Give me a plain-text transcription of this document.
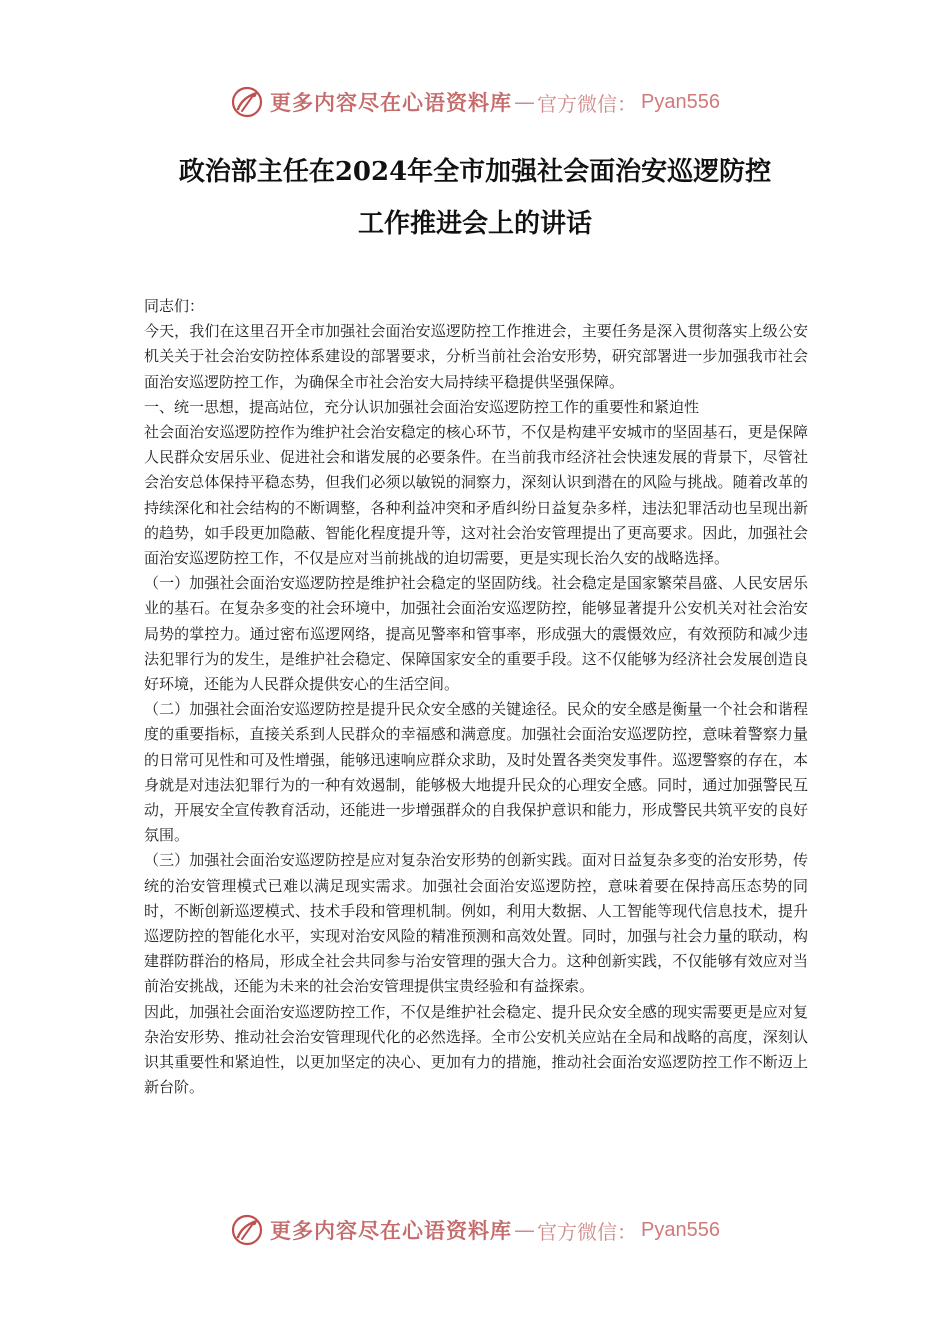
更多内容尽在心语资料库 — 官方微信： Pyan556
政治部主任在2024年全市加强社会面治安巡逻防控
工作推进会上的讲话

同志们：

今天，我们在这里召开全市加强社会面治安巡逻防控工作推进会，主要任务是深入贯彻落实上级公安机关关于社会治安防控体系建设的部署要求，分析当前社会治安形势，研究部署进一步加强我市社会面治安巡逻防控工作，为确保全市社会治安大局持续平稳提供坚强保障。

一、统一思想，提高站位，充分认识加强社会面治安巡逻防控工作的重要性和紧迫性

社会面治安巡逻防控作为维护社会治安稳定的核心环节，不仅是构建平安城市的坚固基石，更是保障人民群众安居乐业、促进社会和谐发展的必要条件。在当前我市经济社会快速发展的背景下，尽管社会治安总体保持平稳态势，但我们必须以敏锐的洞察力，深刻认识到潜在的风险与挑战。随着改革的持续深化和社会结构的不断调整，各种利益冲突和矛盾纠纷日益复杂多样，违法犯罪活动也呈现出新的趋势，如手段更加隐蔽、智能化程度提升等，这对社会治安管理提出了更高要求。因此，加强社会面治安巡逻防控工作，不仅是应对当前挑战的迫切需要，更是实现长治久安的战略选择。

（一）加强社会面治安巡逻防控是维护社会稳定的坚固防线。社会稳定是国家繁荣昌盛、人民安居乐业的基石。在复杂多变的社会环境中，加强社会面治安巡逻防控，能够显著提升公安机关对社会治安局势的掌控力。通过密布巡逻网络，提高见警率和管事率，形成强大的震慑效应，有效预防和减少违法犯罪行为的发生，是维护社会稳定、保障国家安全的重要手段。这不仅能够为经济社会发展创造良好环境，还能为人民群众提供安心的生活空间。

（二）加强社会面治安巡逻防控是提升民众安全感的关键途径。民众的安全感是衡量一个社会和谐程度的重要指标，直接关系到人民群众的幸福感和满意度。加强社会面治安巡逻防控，意味着警察力量的日常可见性和可及性增强，能够迅速响应群众求助，及时处置各类突发事件。巡逻警察的存在，本身就是对违法犯罪行为的一种有效遏制，能够极大地提升民众的心理安全感。同时，通过加强警民互动，开展安全宣传教育活动，还能进一步增强群众的自我保护意识和能力，形成警民共筑平安的良好氛围。

（三）加强社会面治安巡逻防控是应对复杂治安形势的创新实践。面对日益复杂多变的治安形势，传统的治安管理模式已难以满足现实需求。加强社会面治安巡逻防控，意味着要在保持高压态势的同时，不断创新巡逻模式、技术手段和管理机制。例如，利用大数据、人工智能等现代信息技术，提升巡逻防控的智能化水平，实现对治安风险的精准预测和高效处置。同时，加强与社会力量的联动，构建群防群治的格局，形成全社会共同参与治安管理的强大合力。这种创新实践，不仅能够有效应对当前治安挑战，还能为未来的社会治安管理提供宝贵经验和有益探索。

因此，加强社会面治安巡逻防控工作，不仅是维护社会稳定、提升民众安全感的现实需要更是应对复杂治安形势、推动社会治安管理现代化的必然选择。全市公安机关应站在全局和战略的高度，深刻认识其重要性和紧迫性，以更加坚定的决心、更加有力的措施，推动社会面治安巡逻防控工作不断迈上新台阶。

更多内容尽在心语资料库 — 官方微信： Pyan556
